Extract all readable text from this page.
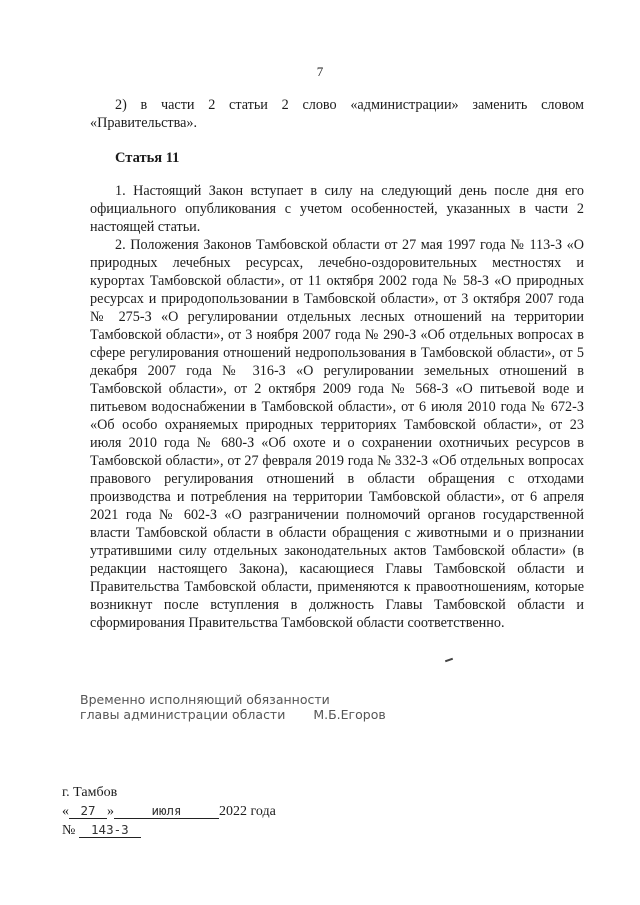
7

2) в части 2 статьи 2 слово «администрации» заменить словом

«Правительства».

Статья 11

1. Настоящий Закон вступает в силу на следующий день после дня его официального опубликования с учетом особенностей, указанных в части 2 настоящей статьи.

2. Положения Законов Тамбовской области от 27 мая 1997 года № 113-З «О природных лечебных ресурсах, лечебно-оздоровительных местностях и курортах Тамбовской области», от 11 октября 2002 года № 58-З «О природных ресурсах и природопользовании в Тамбовской области», от 3 октября 2007 года № 275-З «О регулировании отдельных лесных отношений на территории Тамбовской области», от 3 ноября 2007 года № 290-З «Об отдельных вопросах в сфере регулирования отношений недропользования в Тамбовской области», от 5 декабря 2007 года № 316-З «О регулировании земельных отношений в Тамбовской области», от 2 октября 2009 года № 568-З «О питьевой воде и питьевом водоснабжении в Тамбовской области», от 6 июля 2010 года № 672-З «Об особо охраняемых природных территориях Тамбовской области», от 23 июля 2010 года № 680-З «Об охоте и о сохранении охотничьих ресурсов в Тамбовской области», от 27 февраля 2019 года № 332-З «Об отдельных вопросах правового регулирования отношений в области обращения с отходами производства и потребления на территории Тамбовской области», от 6 апреля 2021 года № 602-З «О разграничении полномочий органов государственной власти Тамбовской области в области обращения с животными и о признании утратившими силу отдельных законодательных актов Тамбовской области» (в редакции настоящего Закона), касающиеся Главы Тамбовской области и Правительства Тамбовской области, применяются к правоотношениям, которые возникнут после вступления в должность Главы Тамбовской области и сформирования Правительства Тамбовской области соответственно.

Временно исполняющий обязанности
главы администрации области М.Б.Егоров
г. Тамбов
« 27 »	июля	2022 года
№ 143-З
